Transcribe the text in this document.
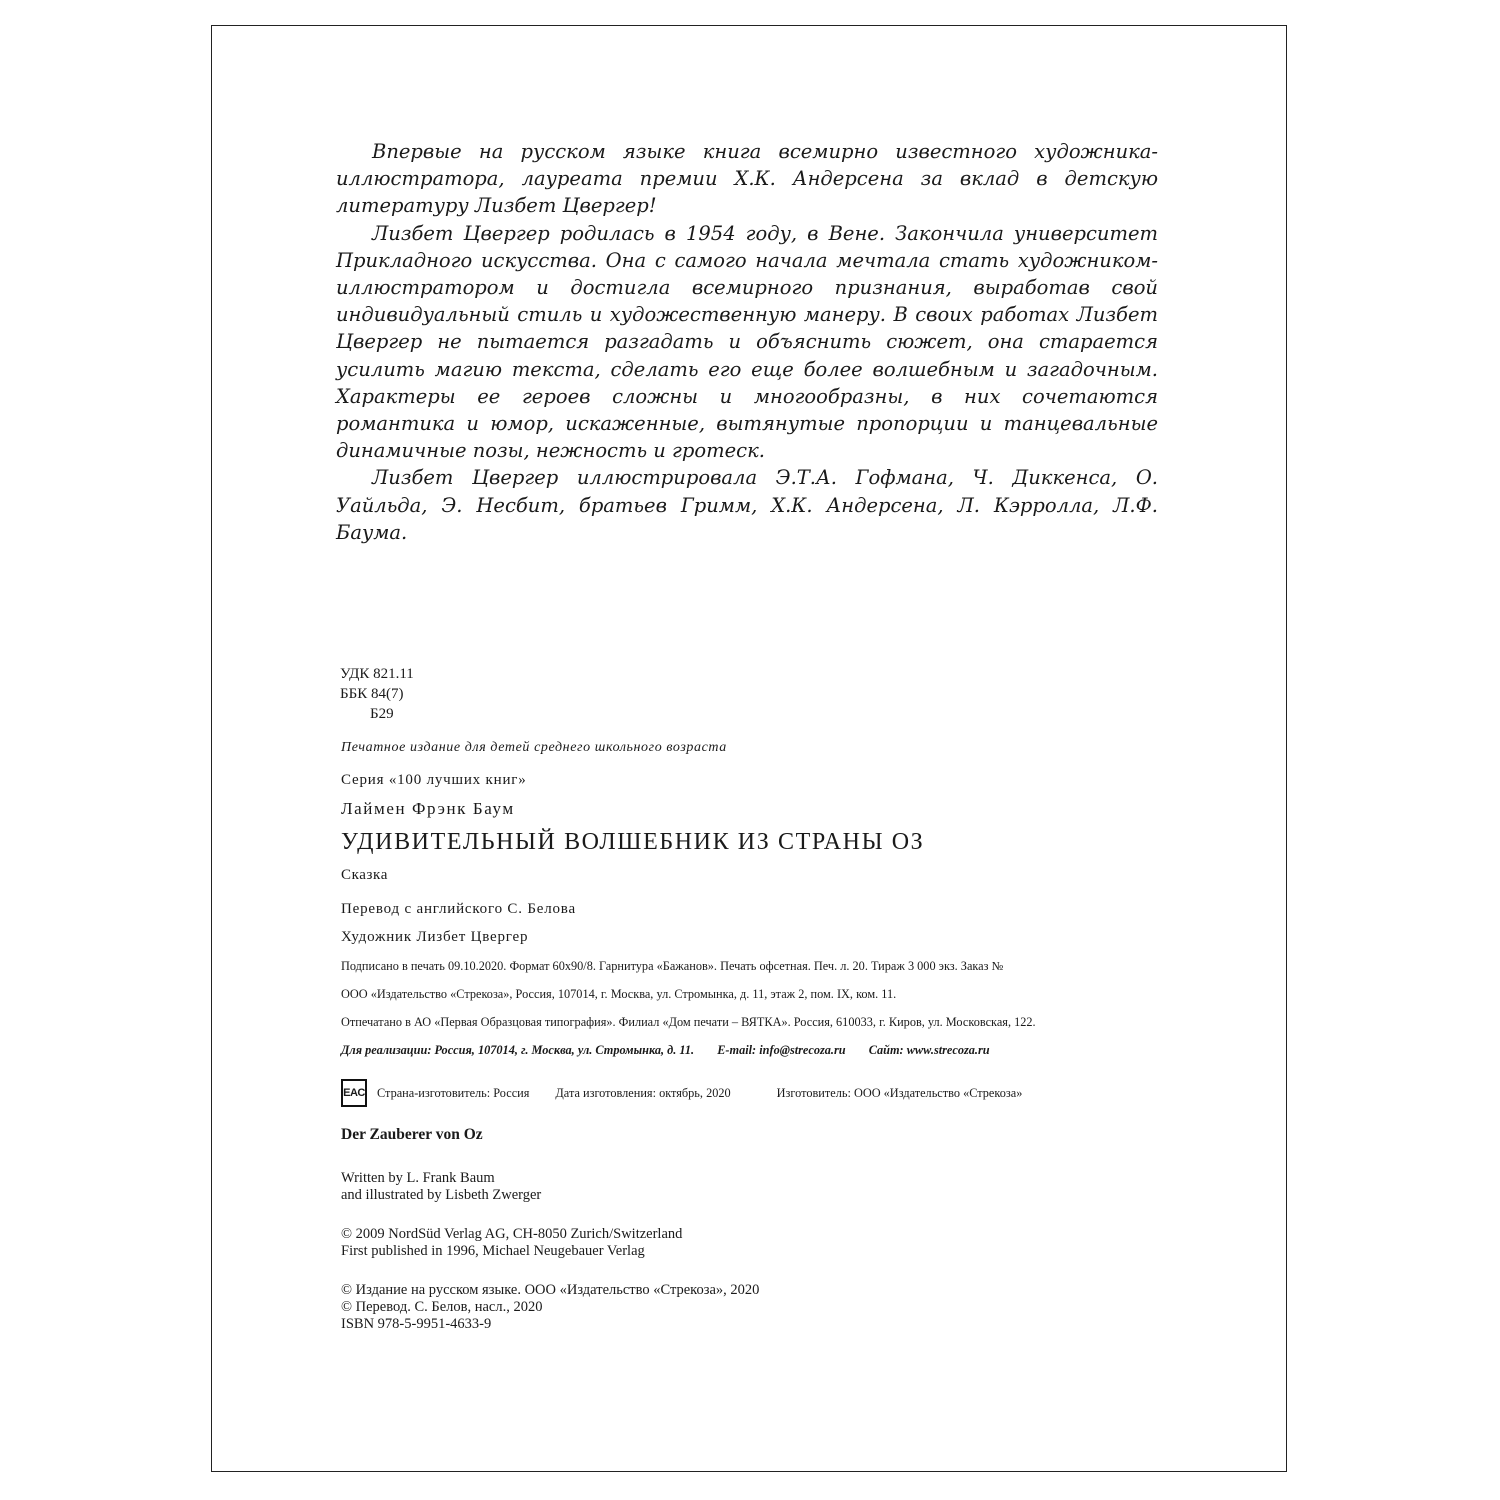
Впервые на русском языке книга всемирно известного художника-иллюстратора, лауреата премии Х.К. Андерсена за вклад в детскую литературу Лизбет Цвергер!

Лизбет Цвергер родилась в 1954 году, в Вене. Закончила университет Прикладного искусства. Она с самого начала мечтала стать художником-иллюстратором и достигла всемирного признания, выработав свой индивидуальный стиль и художественную манеру. В своих работах Лизбет Цвергер не пытается разгадать и объяснить сюжет, она старается усилить магию текста, сделать его еще более волшебным и загадочным. Характеры ее героев сложны и многообразны, в них сочетаются романтика и юмор, искаженные, вытянутые пропорции и танцевальные динамичные позы, нежность и гротеск.

Лизбет Цвергер иллюстрировала Э.Т.А. Гофмана, Ч. Диккенса, О. Уайльда, Э. Несбит, братьев Гримм, Х.К. Андерсена, Л. Кэрролла, Л.Ф. Баума.

УДК 821.11
ББК 84(7)
Б29
Печатное издание для детей среднего школьного возраста
Серия «100 лучших книг»
Лаймен Фрэнк Баум
УДИВИТЕЛЬНЫЙ ВОЛШЕБНИК ИЗ СТРАНЫ ОЗ
Сказка
Перевод с английского С. Белова
Художник Лизбет Цвергер
Подписано в печать 09.10.2020. Формат 60х90/8. Гарнитура «Бажанов». Печать офсетная. Печ. л. 20. Тираж 3 000 экз. Заказ №
ООО «Издательство «Стрекоза», Россия, 107014, г. Москва, ул. Стромынка, д. 11, этаж 2, пом. IX, ком. 11.
Отпечатано в АО «Первая Образцовая типография». Филиал «Дом печати – ВЯТКА». Россия, 610033, г. Киров, ул. Московская, 122.
Для реализации: Россия, 107014, г. Москва, ул. Стромынка, д. 11. E-mail: info@strecoza.ru Сайт: www.strecoza.ru
EAC Страна-изготовитель: Россия Дата изготовления: октябрь, 2020	Изготовитель: ООО «Издательство «Стрекоза»
Der Zauberer von Oz
Written by L. Frank Baum
and illustrated by Lisbeth Zwerger
© 2009 NordSüd Verlag AG, CH-8050 Zurich/Switzerland
First published in 1996, Michael Neugebauer Verlag
© Издание на русском языке. ООО «Издательство «Стрекоза», 2020
© Перевод. С. Белов, насл., 2020
ISBN 978-5-9951-4633-9
